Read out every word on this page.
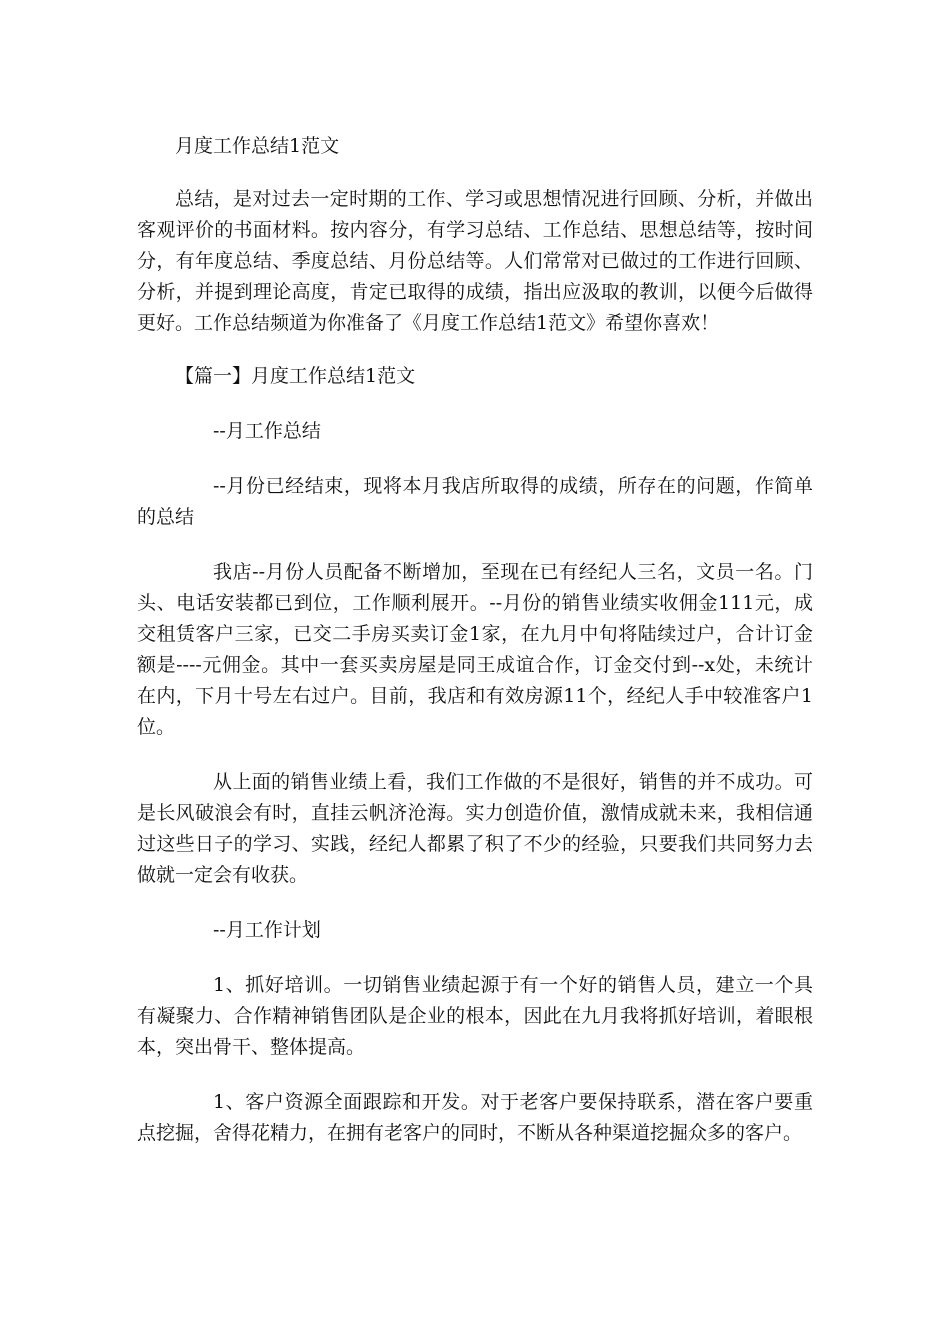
月度工作总结1范文

总结，是对过去一定时期的工作、学习或思想情况进行回顾、分析，并做出客观评价的书面材料。按内容分，有学习总结、工作总结、思想总结等，按时间分，有年度总结、季度总结、月份总结等。人们常常对已做过的工作进行回顾、分析，并提到理论高度，肯定已取得的成绩，指出应汲取的教训，以便今后做得更好。工作总结频道为你准备了《月度工作总结1范文》希望你喜欢！

【篇一】月度工作总结1范文

--月工作总结

--月份已经结束，现将本月我店所取得的成绩，所存在的问题，作简单的总结

我店--月份人员配备不断增加，至现在已有经纪人三名，文员一名。门头、电话安装都已到位，工作顺利展开。--月份的销售业绩实收佣金111元，成交租赁客户三家，已交二手房买卖订金1家，在九月中旬将陆续过户，合计订金额是----元佣金。其中一套买卖房屋是同王成谊合作，订金交付到--x处，未统计在内，下月十号左右过户。目前，我店和有效房源11个，经纪人手中较准客户1位。

从上面的销售业绩上看，我们工作做的不是很好，销售的并不成功。可是长风破浪会有时，直挂云帆济沧海。实力创造价值，激情成就未来，我相信通过这些日子的学习、实践，经纪人都累了积了不少的经验，只要我们共同努力去做就一定会有收获。

--月工作计划

1、抓好培训。一切销售业绩起源于有一个好的销售人员，建立一个具有凝聚力、合作精神销售团队是企业的根本，因此在九月我将抓好培训，着眼根本，突出骨干、整体提高。

1、客户资源全面跟踪和开发。对于老客户要保持联系，潜在客户要重点挖掘，舍得花精力，在拥有老客户的同时，不断从各种渠道挖掘众多的客户。
